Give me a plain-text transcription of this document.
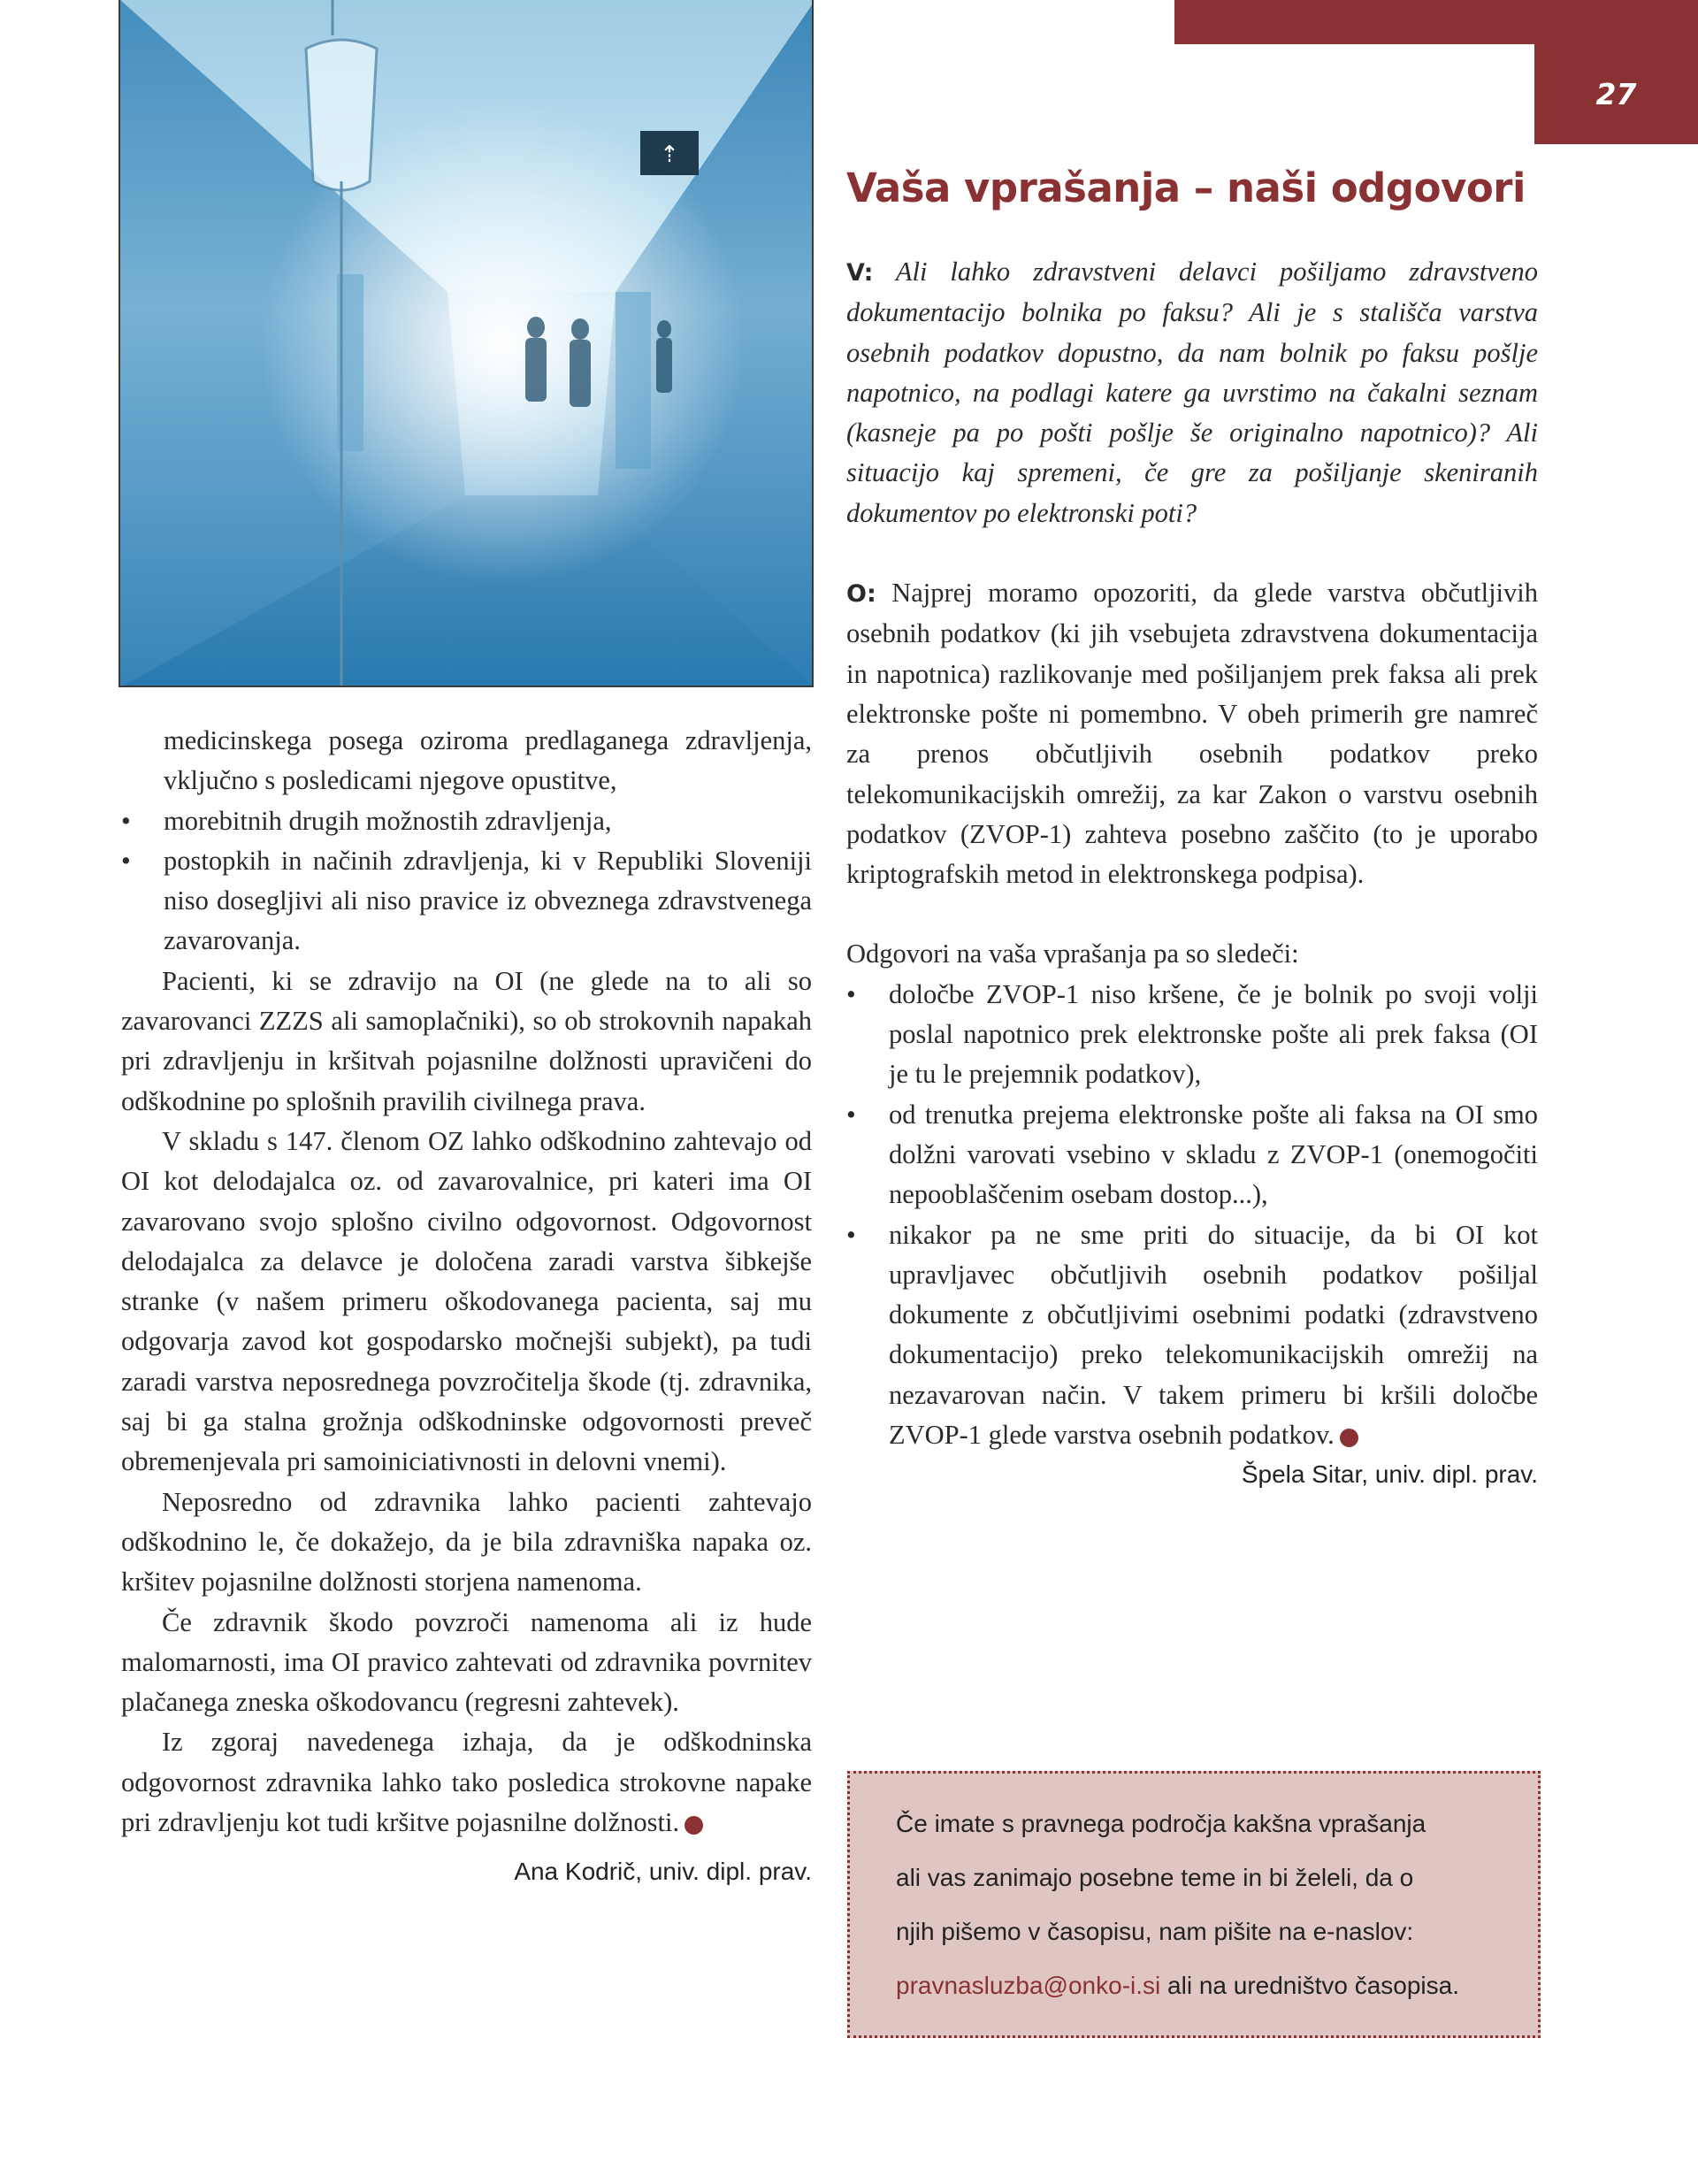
27
⇡

medicinskega posega oziroma predlaganega zdravljenja, vključno s posledicami njegove opustitve,

• morebitnih drugih možnostih zdravljenja,
• postopkih in načinih zdravljenja, ki v Republiki Sloveniji niso dosegljivi ali niso pravice iz obveznega zdravstvenega zavarovanja.

Pacienti, ki se zdravijo na OI (ne glede na to ali so zavarovanci ZZZS ali samoplačniki), so ob strokovnih napakah pri zdravljenju in kršitvah pojasnilne dolžnosti upravičeni do odškodnine po splošnih pravilih civilnega prava.

V skladu s 147. členom OZ lahko odškodnino zahtevajo od OI kot delodajalca oz. od zavarovalnice, pri kateri ima OI zavarovano svojo splošno civilno odgovornost. Odgovornost delodajalca za delavce je določena zaradi varstva šibkejše stranke (v našem primeru oškodovanega pacienta, saj mu odgovarja zavod kot gospodarsko močnejši subjekt), pa tudi zaradi varstva neposrednega povzročitelja škode (tj. zdravnika, saj bi ga stalna grožnja odškodninske odgovornosti preveč obremenjevala pri samoiniciativnosti in delovni vnemi).

Neposredno od zdravnika lahko pacienti zahtevajo odškodnino le, če dokažejo, da je bila zdravniška napaka oz. kršitev pojasnilne dolžnosti storjena namenoma.

Če zdravnik škodo povzroči namenoma ali iz hude malomarnosti, ima OI pravico zahtevati od zdravnika povrnitev plačanega zneska oškodovancu (regresni zahtevek).

Iz zgoraj navedenega izhaja, da je odškodninska odgovornost zdravnika lahko tako posledica strokovne napake pri zdravljenju kot tudi kršitve pojasnilne dolžnosti.

Ana Kodrič, univ. dipl. prav.

Vaša vprašanja – naši odgovori

V: Ali lahko zdravstveni delavci pošiljamo zdravstveno dokumentacijo bolnika po faksu? Ali je s stališča varstva osebnih podatkov dopustno, da nam bolnik po faksu pošlje napotnico, na podlagi katere ga uvrstimo na čakalni seznam (kasneje pa po pošti pošlje še originalno napotnico)? Ali situacijo kaj spremeni, če gre za pošiljanje skeniranih dokumentov po elektronski poti?

O: Najprej moramo opozoriti, da glede varstva občutljivih osebnih podatkov (ki jih vsebujeta zdravstvena dokumentacija in napotnica) razlikovanje med pošiljanjem prek faksa ali prek elektronske pošte ni pomembno. V obeh primerih gre namreč za prenos občutljivih osebnih podatkov preko telekomunikacijskih omrežij, za kar Zakon o varstvu osebnih podatkov (ZVOP-1) zahteva posebno zaščito (to je uporabo kriptografskih metod in elektronskega podpisa).

Odgovori na vaša vprašanja pa so sledeči:

• določbe ZVOP-1 niso kršene, če je bolnik po svoji volji poslal napotnico prek elektronske pošte ali prek faksa (OI je tu le prejemnik podatkov),
• od trenutka prejema elektronske pošte ali faksa na OI smo dolžni varovati vsebino v skladu z ZVOP-1 (onemogočiti nepooblaščenim osebam dostop...),
• nikakor pa ne sme priti do situacije, da bi OI kot upravljavec občutljivih osebnih podatkov pošiljal dokumente z občutljivimi osebnimi podatki (zdravstveno dokumentacijo) preko telekomunikacijskih omrežij na nezavarovan način. V takem primeru bi kršili določbe ZVOP-1 glede varstva osebnih podatkov.

Špela Sitar, univ. dipl. prav.

Če imate s pravnega področja kakšna vprašanja
ali vas zanimajo posebne teme in bi želeli, da o
njih pišemo v časopisu, nam pišite na e-naslov:
pravnasluzba@onko-i.si ali na uredništvo časopisa.
